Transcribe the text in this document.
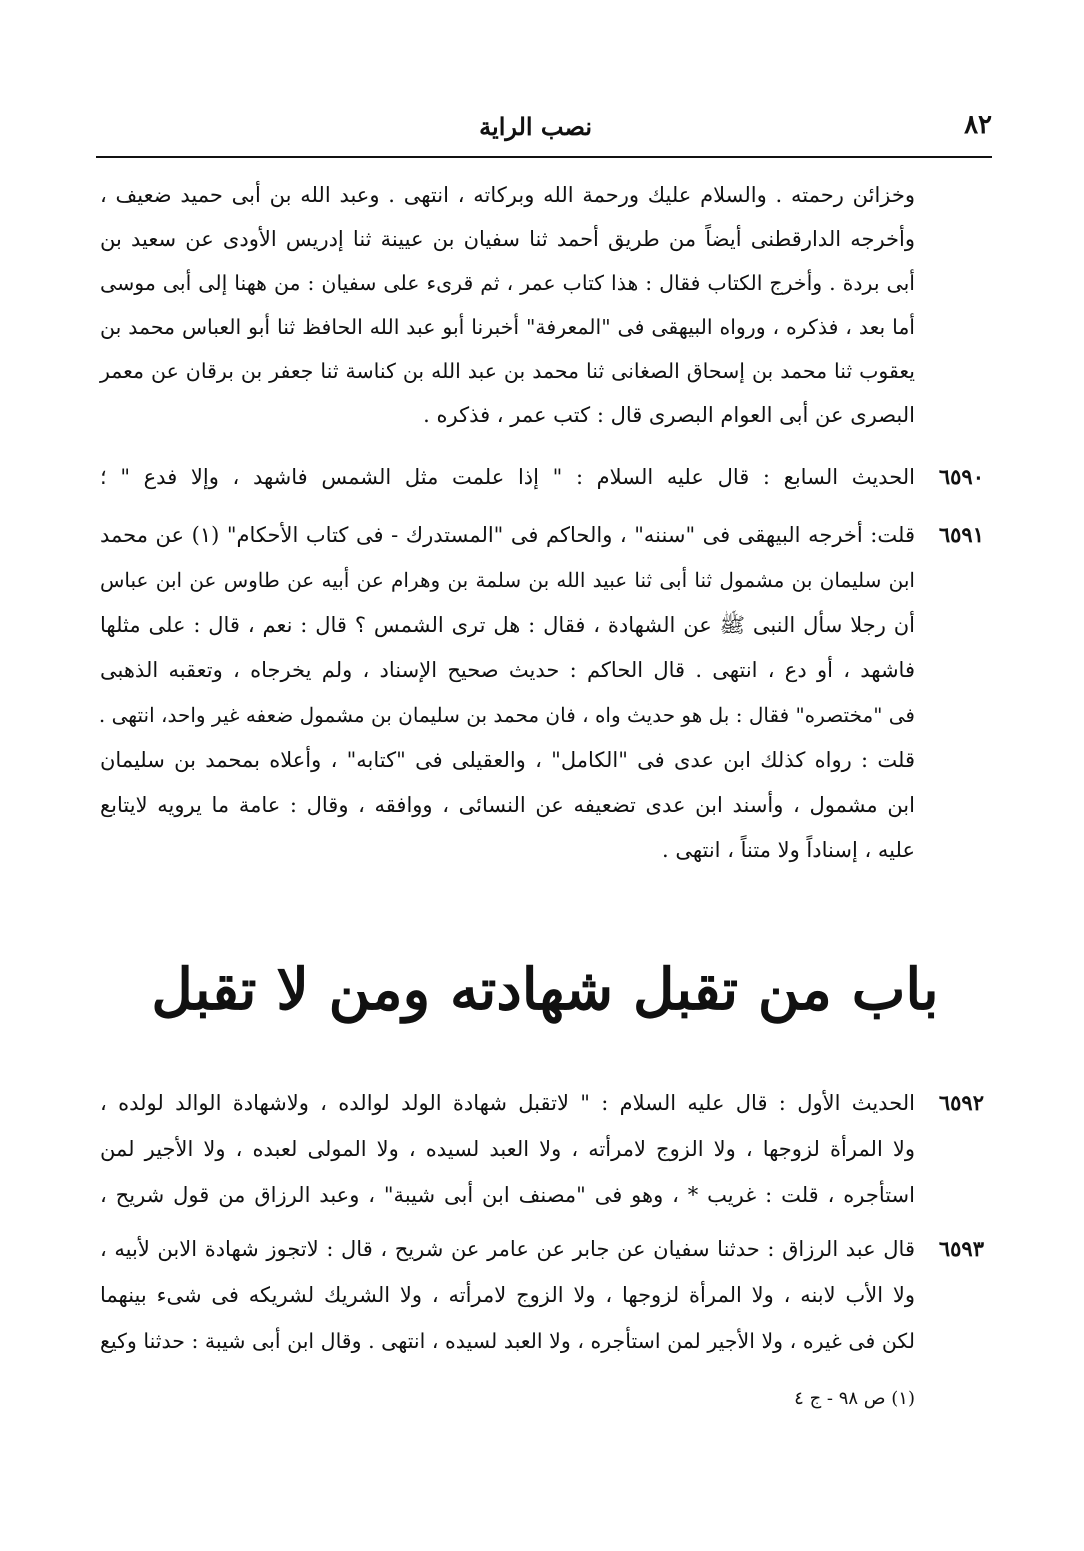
٨٢
نصب الراية
وخزائن رحمته . والسلام عليك ورحمة الله وبركاته ، انتهى . وعبد الله بن أبى حميد ضعيف ،
وأخرجه الدارقطنى أيضاً من طريق أحمد ثنا سفيان بن عيينة ثنا إدريس الأودى عن سعيد بن
أبى بردة . وأخرج الكتاب فقال : هذا كتاب عمر ، ثم قرىء على سفيان : من ههنا إلى أبى موسى
أما بعد ، فذكره ، ورواه البيهقى فى "المعرفة" أخبرنا أبو عبد الله الحافظ ثنا أبو العباس محمد بن
يعقوب ثنا محمد بن إسحاق الصغانى ثنا محمد بن عبد الله بن كناسة ثنا جعفر بن برقان عن معمر
البصرى عن أبى العوام البصرى قال : كتب عمر ، فذكره .
٦٥٩٠
الحديث السابع : قال عليه السلام : " إذا علمت مثل الشمس فاشهد ، وإلا فدع " ؛
٦٥٩١
قلت: أخرجه البيهقى فى "سننه" ، والحاكم فى "المستدرك - فى كتاب الأحكام" (١) عن محمد
ابن سليمان بن مشمول ثنا أبى ثنا عبيد الله بن سلمة بن وهرام عن أبيه عن طاوس عن ابن عباس
أن رجلا سأل النبى ﷺ عن الشهادة ، فقال : هل ترى الشمس ؟ قال : نعم ، قال : على مثلها
فاشهد ، أو دع ، انتهى . قال الحاكم : حديث صحيح الإسناد ، ولم يخرجاه ، وتعقبه الذهبى
فى "مختصره" فقال : بل هو حديث واه ، فان محمد بن سليمان بن مشمول ضعفه غير واحد، انتهى .
قلت : رواه كذلك ابن عدى فى "الكامل" ، والعقيلى فى "كتابه" ، وأعلاه بمحمد بن سليمان
ابن مشمول ، وأسند ابن عدى تضعيفه عن النسائى ، ووافقه ، وقال : عامة ما يرويه لايتابع
عليه ، إسناداً ولا متناً ، انتهى .
باب من تقبل شهادته ومن لا تقبل
٦٥٩٢
الحديث الأول : قال عليه السلام : " لاتقبل شهادة الولد لوالده ، ولاشهادة الوالد لولده ،
ولا المرأة لزوجها ، ولا الزوج لامرأته ، ولا العبد لسيده ، ولا المولى لعبده ، ولا الأجير لمن
استأجره ، قلت : غريب * ، وهو فى "مصنف ابن أبى شيبة" ، وعبد الرزاق من قول شريح ،
٦٥٩٣
قال عبد الرزاق : حدثنا سفيان عن جابر عن عامر عن شريح ، قال : لاتجوز شهادة الابن لأبيه ،
ولا الأب لابنه ، ولا المرأة لزوجها ، ولا الزوج لامرأته ، ولا الشريك لشريكه فى شىء بينهما
لكن فى غيره ، ولا الأجير لمن استأجره ، ولا العبد لسيده ، انتهى . وقال ابن أبى شيبة : حدثنا وكيع
(١) ص ٩٨ - ج ٤
